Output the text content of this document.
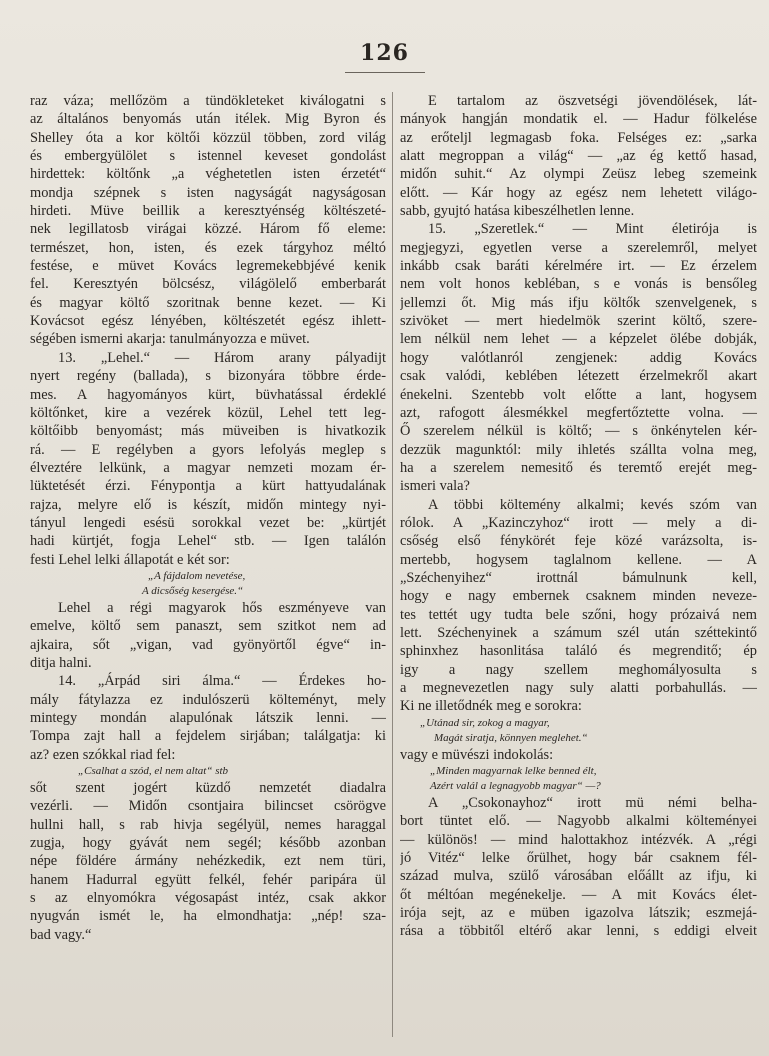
126
raz váza; mellőzöm a tündökleteket kiválogatni s
az általános benyomás után itélek. Mig Byron és
Shelley óta a kor költői közzül többen, zord világ
és embergyülölet s istennel keveset gondolást
hirdettek: költőnk „a véghetetlen isten érzetét“
mondja szépnek s isten nagyságát nagyságosan
hirdeti. Müve beillik a keresztyénség költészeté-
nek legillatosb virágai közzé. Három fő eleme:
természet, hon, isten, és ezek tárgyhoz méltó
festése, e müvet Kovács legremekebbjévé kenik
fel. Keresztyén bölcsész, világölelő emberbarát
és magyar költő szoritnak benne kezet. — Ki
Kovácsot egész lényében, költészetét egész ihlett-
ségében ismerni akarja: tanulmányozza e müvet.
13. „Lehel.“ — Három arany pályadijt
nyert regény (ballada), s bizonyára többre érde-
mes. A hagyományos kürt, büvhatással érdeklé
költőnket, kire a vezérek közül, Lehel tett leg-
költőibb benyomást; más müveiben is hivatkozik
rá. — E regélyben a gyors lefolyás meglep s
élveztére lelkünk, a magyar nemzeti mozam ér-
lüktetését érzi. Fénypontja a kürt hattyudalának
rajza, melyre elő is készít, midőn mintegy nyi-
tányul lengedi esésü sorokkal vezet be: „kürtjét
hadi kürtjét, fogja Lehel“ stb. — Igen találón
festi Lehel lelki állapotát e két sor:
„A fájdalom nevetése,
A dicsőség kesergése.“
Lehel a régi magyarok hős eszményeve van
emelve, költő sem panaszt, sem szitkot nem ad
ajkaira, sőt „vigan, vad gyönyörtől égve“ in-
ditja halni.
14. „Árpád siri álma.“ — Érdekes ho-
mály fátylazza ez indulószerü költeményt, mely
mintegy mondán alapulónak látszik lenni. —
Tompa zajt hall a fejdelem sirjában; találgatja: ki
az? ezen szókkal riad fel:
„Csalhat a szód, el nem altat“ stb
sőt szent jogért küzdő nemzetét diadalra
vezérli. — Midőn csontjaira bilincset csörögve
hullni hall, s rab hivja segélyül, nemes haraggal
zugja, hogy gyávát nem segél; később azonban
népe földére ármány nehézkedik, ezt nem türi,
hanem Hadurral együtt felkél, fehér paripára ül
s az elnyomókra végosapást intéz, csak akkor
nyugván ismét le, ha elmondhatja: „nép! sza-
bad vagy.“
E tartalom az öszvetségi jövendölések, lát-
mányok hangján mondatik el. — Hadur fölkelése
az erőteljl legmagasb foka. Felséges ez: „sarka
alatt megroppan a világ“ — „az ég kettő hasad,
midőn suhit.“ Az olympi Zeüsz lebeg szemeink
előtt. — Kár hogy az egész nem lehetett világo-
sabb, gyujtó hatása kibeszélhetlen lenne.
15. „Szeretlek.“ — Mint életirója is
megjegyzi, egyetlen verse a szerelemről, melyet
inkább csak baráti kérelmére irt. — Ez érzelem
nem volt honos kebléban, s e vonás is bensőleg
jellemzi őt. Mig más ifju költők szenvelgenek, s
szivöket — mert hiedelmök szerint költő, szere-
lem nélkül nem lehet — a képzelet ölébe dobják,
hogy valótlanról zengjenek: addig Kovács
csak valódi, keblében létezett érzelmekről akart
énekelni. Szentebb volt előtte a lant, hogysem
azt, rafogott álesmékkel megfertőztette volna. —
Ő szerelem nélkül is költő; — s önkénytelen kér-
dezzük magunktól: mily ihletés szállta volna meg,
ha a szerelem nemesitő és teremtő erejét meg-
ismeri vala?
A többi költemény alkalmi; kevés szóm van
rólok. A „Kazinczyhoz“ irott — mely a di-
csőség első fénykörét feje közé varázsolta, is-
mertebb, hogysem taglalnom kellene. — A
„Széchenyihez“ irottnál bámulnunk kell,
hogy e nagy embernek csaknem minden neveze-
tes tettét ugy tudta bele szőni, hogy prózaivá nem
lett. Széchenyinek a számum szél után széttekintő
sphinxhez hasonlitása találó és megrenditő; ép
igy a nagy szellem meghomályosulta s
a megnevezetlen nagy suly alatti porbahullás. —
Ki ne illetődnék meg e sorokra:
„Utánad sir, zokog a magyar,
Magát siratja, könnyen meglehet.“
vagy e müvészi indokolás:
„Minden magyarnak lelke benned élt,
Azért valál a legnagyobb magyar“ —?
A „Csokonayhoz“ irott mü némi belha-
bort tüntet elő. — Nagyobb alkalmi költeményei
— különös! — mind halottakhoz intézvék. A „régi
jó Vitéz“ lelke őrülhet, hogy bár csaknem fél-
század mulva, szülő városában előállt az ifju, ki
őt méltóan megénekelje. — A mit Kovács élet-
irója sejt, az e müben igazolva látszik; eszmejá-
rása a többitől eltérő akar lenni, s eddigi elveit
